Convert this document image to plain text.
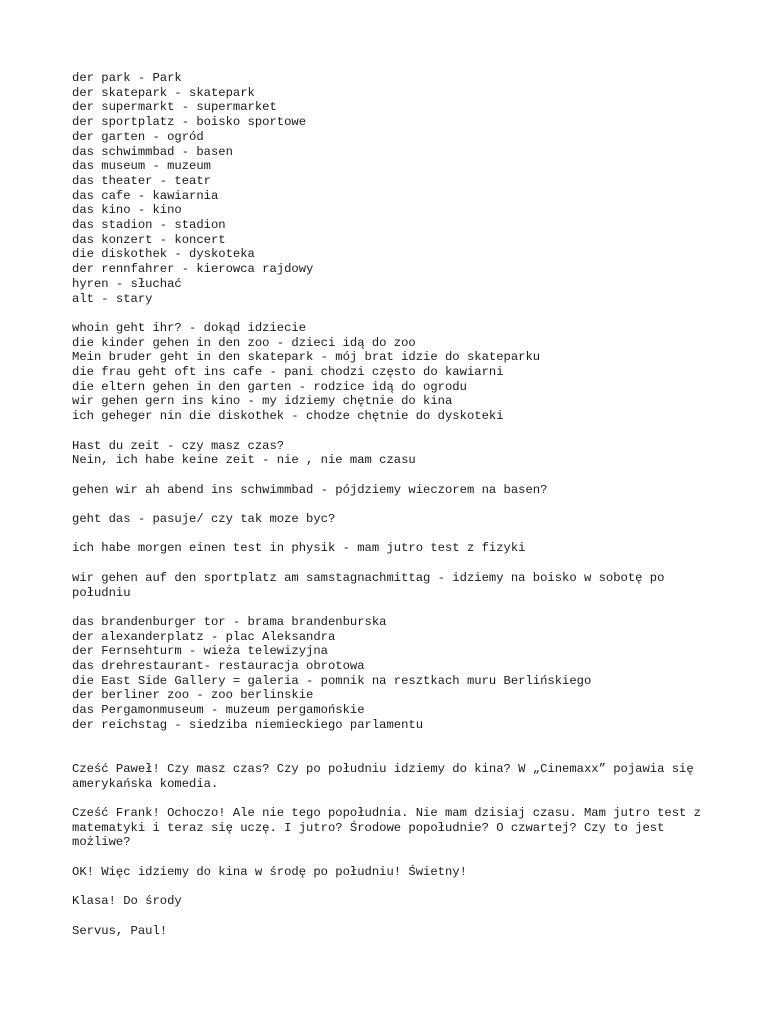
der park - Park
der skatepark - skatepark
der supermarkt - supermarket
der sportplatz - boisko sportowe
der garten - ogród
das schwimmbad - basen
das museum - muzeum
das theater - teatr
das cafe - kawiarnia
das kino - kino
das stadion - stadion
das konzert - koncert
die diskothek - dyskoteka
der rennfahrer - kierowca rajdowy
hyren - słuchać
alt - stary
whoin geht ihr? - dokąd idziecie
die kinder gehen in den zoo - dzieci idą do zoo
Mein bruder geht in den skatepark - mój brat idzie do skateparku
die frau geht oft ins cafe - pani chodzi często do kawiarni
die eltern gehen in den garten - rodzice idą do ogrodu
wir gehen gern ins kino - my idziemy chętnie do kina
ich geheger nin die diskothek - chodze chętnie do dyskoteki
Hast du zeit - czy masz czas?
Nein, ich habe keine zeit - nie , nie mam czasu
gehen wir ah abend ins schwimmbad - pójdziemy wieczorem na basen?
geht das - pasuje/ czy tak moze byc?
ich habe morgen einen test in physik - mam jutro test z fizyki
wir gehen auf den sportplatz am samstagnachmittag - idziemy na boisko w sobotę po południu
das brandenburger tor - brama brandenburska
der alexanderplatz - plac Aleksandra
der Fernsehturm - wieża telewizyjna
das drehrestaurant- restauracja obrotowa
die East Side Gallery = galeria - pomnik na resztkach muru Berlińskiego
der berliner zoo - zoo berlinskie
das Pergamonmuseum - muzeum pergamońskie
der reichstag - siedziba niemieckiego parlamentu
Cześć Paweł! Czy masz czas? Czy po południu idziemy do kina? W „Cinemaxx” pojawia się amerykańska komedia.
Cześć Frank! Ochoczo! Ale nie tego popołudnia. Nie mam dzisiaj czasu. Mam jutro test z matematyki i teraz się uczę. I jutro? Środowe popołudnie? O czwartej? Czy to jest możliwe?
OK! Więc idziemy do kina w środę po południu! Świetny!
Klasa! Do środy
Servus, Paul!
